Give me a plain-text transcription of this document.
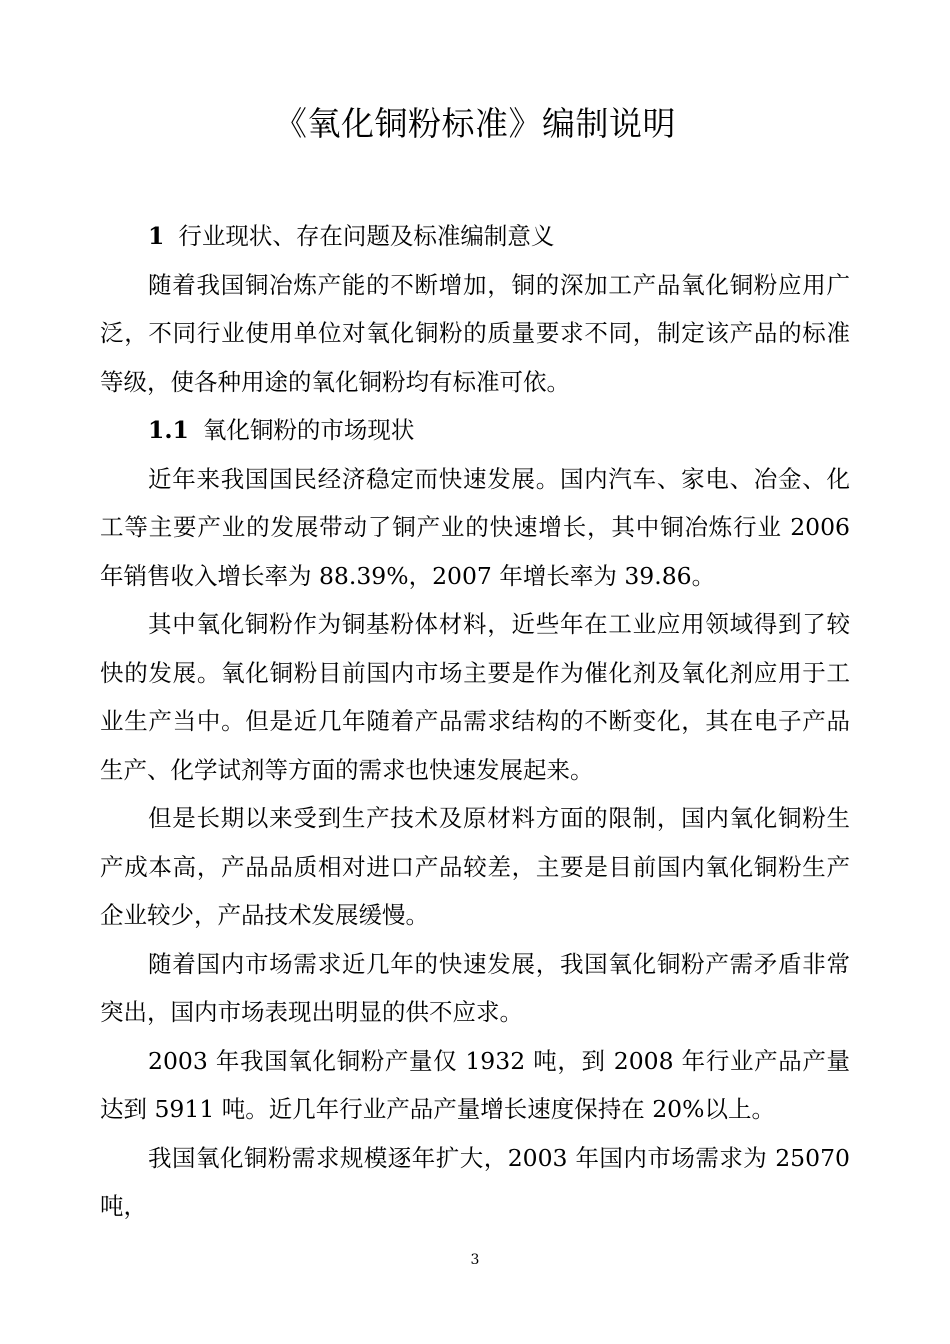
《氧化铜粉标准》编制说明

1 行业现状、存在问题及标准编制意义

随着我国铜冶炼产能的不断增加，铜的深加工产品氧化铜粉应用广泛，不同行业使用单位对氧化铜粉的质量要求不同，制定该产品的标准等级，使各种用途的氧化铜粉均有标准可依。

1.1 氧化铜粉的市场现状

近年来我国国民经济稳定而快速发展。国内汽车、家电、冶金、化工等主要产业的发展带动了铜产业的快速增长，其中铜冶炼行业 2006 年销售收入增长率为 88.39%，2007 年增长率为 39.86。

其中氧化铜粉作为铜基粉体材料，近些年在工业应用领域得到了较快的发展。氧化铜粉目前国内市场主要是作为催化剂及氧化剂应用于工业生产当中。但是近几年随着产品需求结构的不断变化，其在电子产品生产、化学试剂等方面的需求也快速发展起来。

但是长期以来受到生产技术及原材料方面的限制，国内氧化铜粉生产成本高，产品品质相对进口产品较差，主要是目前国内氧化铜粉生产企业较少，产品技术发展缓慢。

随着国内市场需求近几年的快速发展，我国氧化铜粉产需矛盾非常突出，国内市场表现出明显的供不应求。

2003 年我国氧化铜粉产量仅 1932 吨，到 2008 年行业产品产量达到 5911 吨。近几年行业产品产量增长速度保持在 20%以上。

我国氧化铜粉需求规模逐年扩大，2003 年国内市场需求为 25070 吨，

3
